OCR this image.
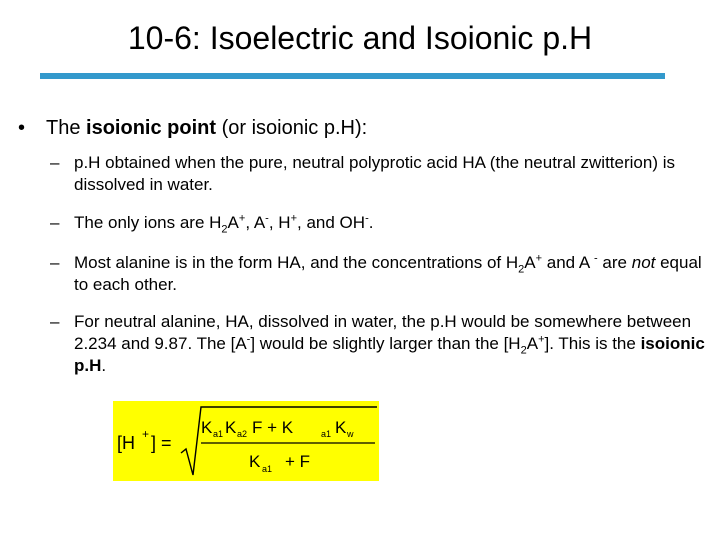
10-6: Isoelectric and Isoionic p.H
• The isoionic point (or isoionic p.H):
– p.H obtained when the pure, neutral polyprotic acid HA (the neutral zwitterion) is dissolved in water.
– The only ions are $H_2A^+$, A-, H+, and OH-.
– Most alanine is in the form HA, and the concentrations of $H_2A^+$ and A - are not equal to each other.
– For neutral alanine, HA, dissolved in water, the p.H would be somewhere between 2.234 and 9.87. The [A-] would be slightly larger than the $[H_2A^+]$. This is the isoionic p.H.
[H + ] =
K a1 K a2 F + K	a1 K w
K a1 + F
